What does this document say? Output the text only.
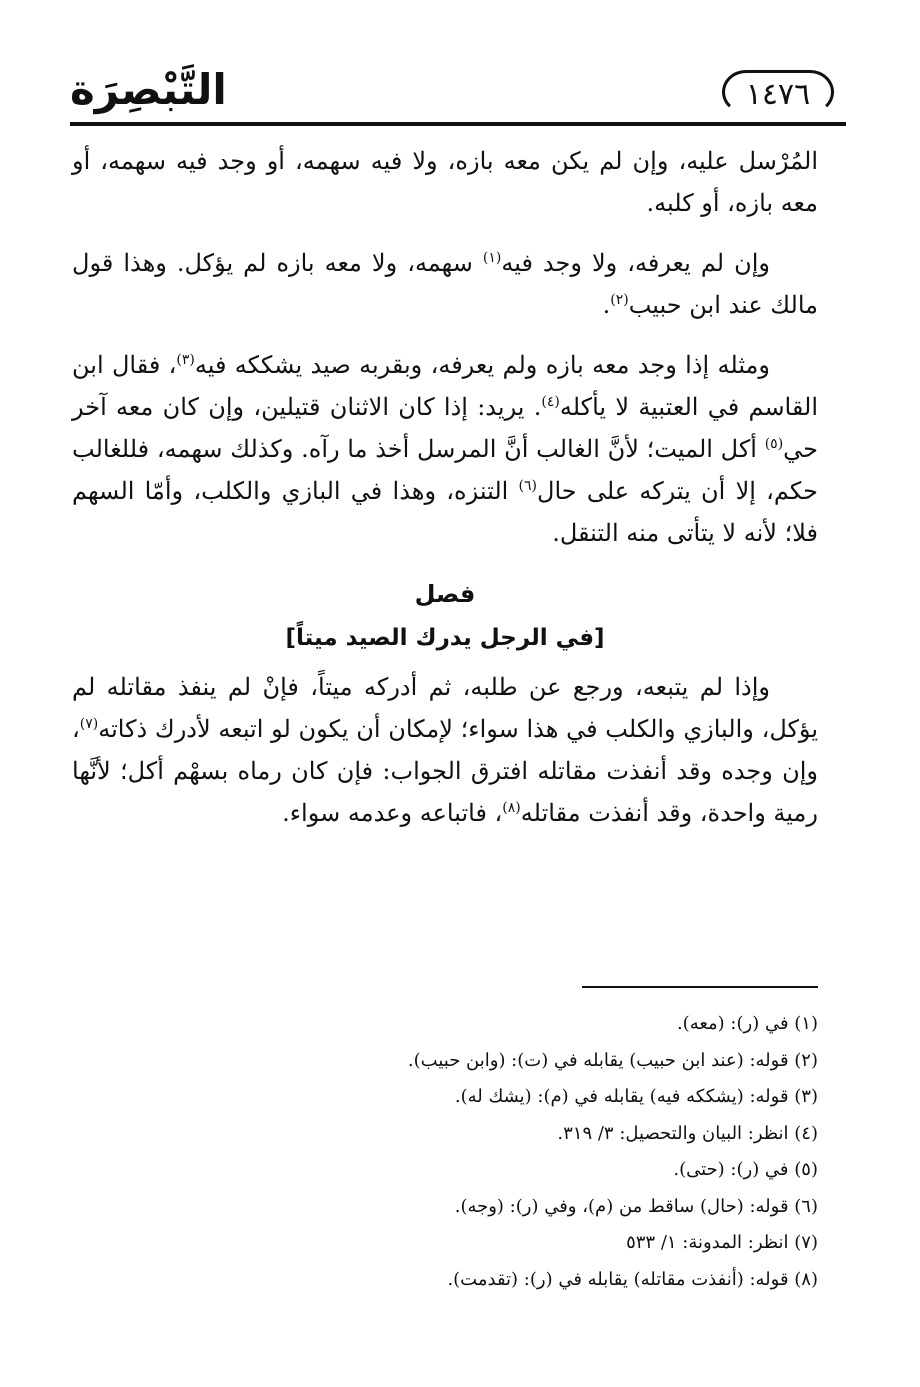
التَّبْصِرَة	١٤٧٦

المُرْسل عليه، وإن لم يكن معه بازه، ولا فيه سهمه، أو وجد فيه سهمه، أو معه بازه، أو كلبه.

وإن لم يعرفه، ولا وجد فيه$^{(١)}$ سهمه، ولا معه بازه لم يؤكل. وهذا قول مالك عند ابن حبيب$^{(٢)}$.

ومثله إذا وجد معه بازه ولم يعرفه، وبقربه صيد يشككه فيه$^{(٣)}$، فقال ابن القاسم في العتبية لا يأكله$^{(٤)}$. يريد: إذا كان الاثنان قتيلين، وإن كان معه آخر حي$^{(٥)}$ أكل الميت؛ لأنَّ الغالب أنَّ المرسل أخذ ما رآه. وكذلك سهمه، فللغالب حكم، إلا أن يتركه على حال$^{(٦)}$ التنزه، وهذا في البازي والكلب، وأمّا السهم فلا؛ لأنه لا يتأتى منه التنقل.

فصل
[في الرجل يدرك الصيد ميتاً]

وإذا لم يتبعه، ورجع عن طلبه، ثم أدركه ميتاً، فإنْ لم ينفذ مقاتله لم يؤكل، والبازي والكلب في هذا سواء؛ لإمكان أن يكون لو اتبعه لأدرك ذكاته$^{(٧)}$، وإن وجده وقد أنفذت مقاتله افترق الجواب: فإن كان رماه بسهْم أكل؛ لأنَّها رمية واحدة، وقد أنفذت مقاتله$^{(٨)}$، فاتباعه وعدمه سواء.

(١) في (ر): (معه).
(٢) قوله: (عند ابن حبيب) يقابله في (ت): (وابن حبيب).
(٣) قوله: (يشككه فيه) يقابله في (م): (يشك له).
(٤) انظر: البيان والتحصيل: ٣/ ٣١٩.
(٥) في (ر): (حتى).
(٦) قوله: (حال) ساقط من (م)، وفي (ر): (وجه).
(٧) انظر: المدونة: ١/ ٥٣٣
(٨) قوله: (أنفذت مقاتله) يقابله في (ر): (تقدمت).
